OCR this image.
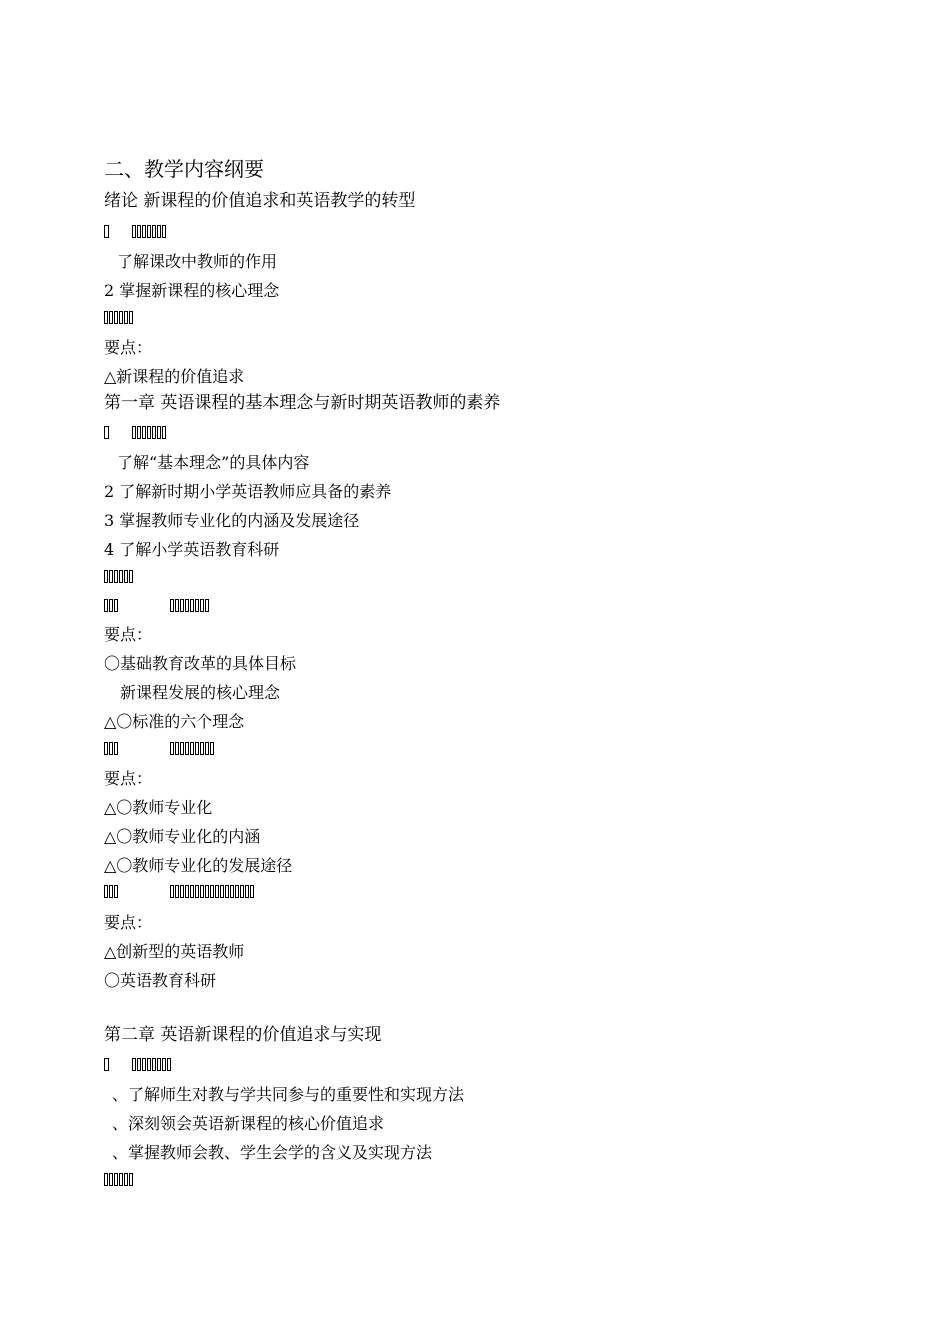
二、教学内容纲要
绪论 新课程的价值追求和英语教学的转型
了解课改中教师的作用
2 掌握新课程的核心理念
要点：
△新课程的价值追求
第一章 英语课程的基本理念与新时期英语教师的素养
了解“基本理念”的具体内容
2 了解新时期小学英语教师应具备的素养
3 掌握教师专业化的内涵及发展途径
4 了解小学英语教育科研
要点：
〇基础教育改革的具体目标
新课程发展的核心理念
△〇标准的六个理念
要点：
△〇教师专业化
△〇教师专业化的内涵
△〇教师专业化的发展途径
要点：
△创新型的英语教师
〇英语教育科研
第二章 英语新课程的价值追求与实现
、了解师生对教与学共同参与的重要性和实现方法
、深刻领会英语新课程的核心价值追求
、掌握教师会教、学生会学的含义及实现方法
